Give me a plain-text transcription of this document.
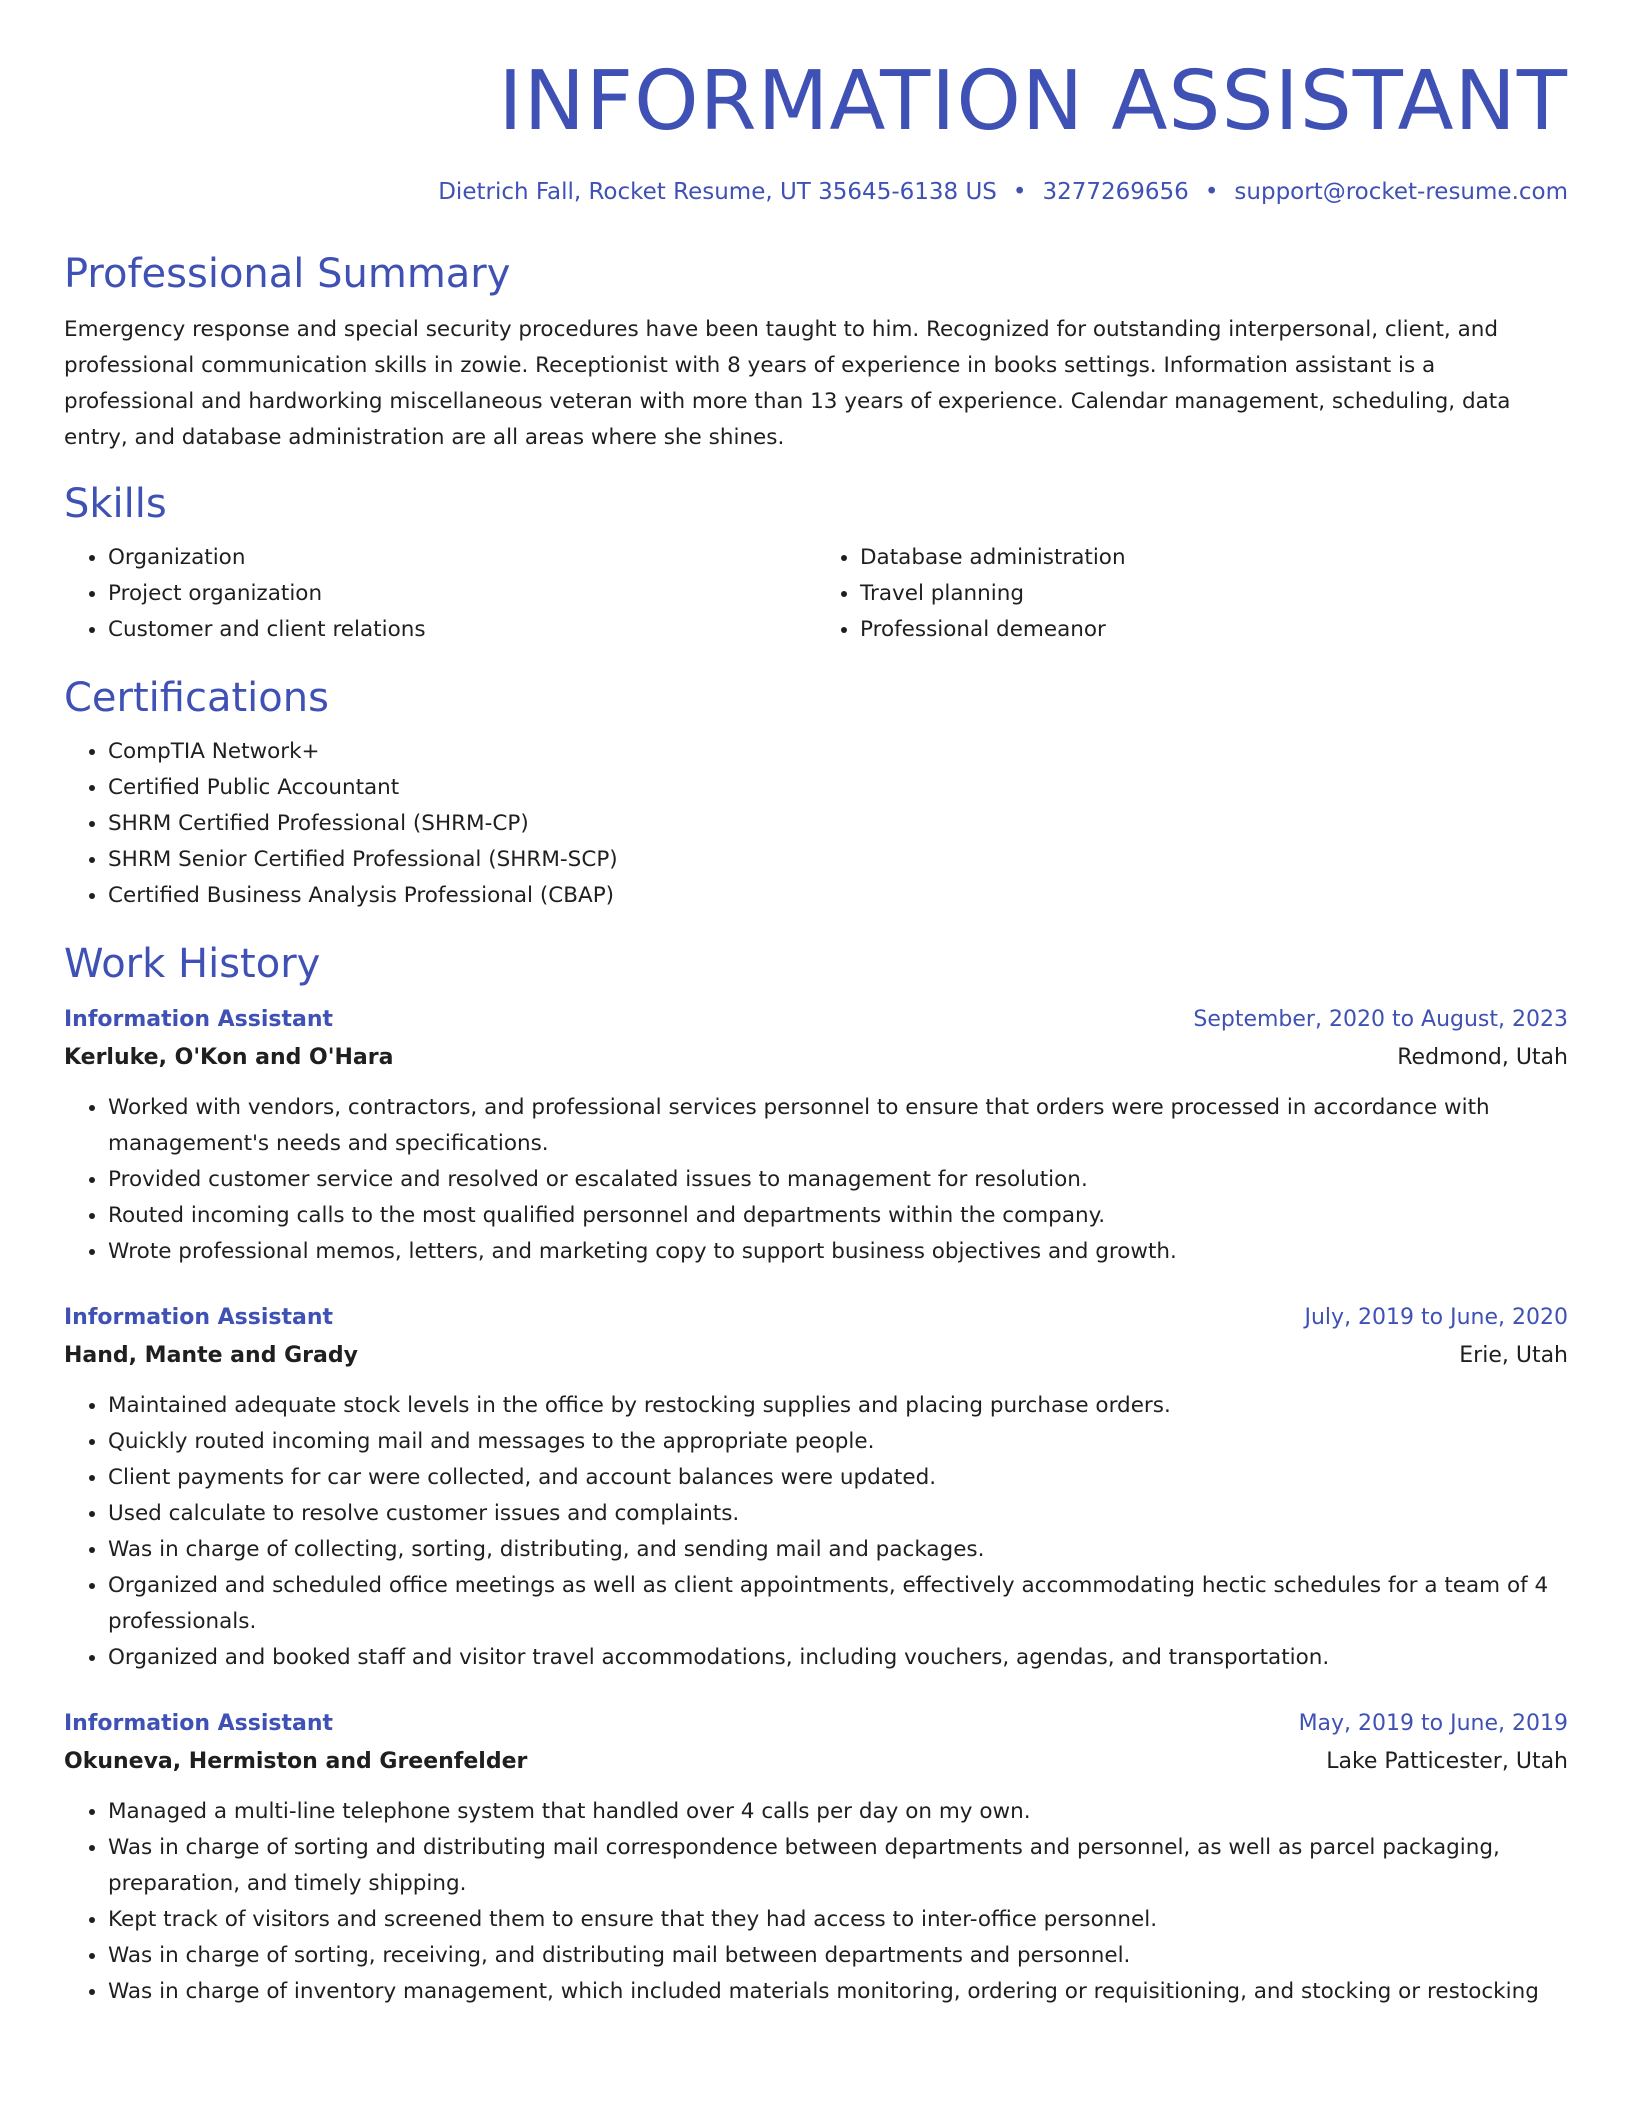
INFORMATION ASSISTANT
Dietrich Fall, Rocket Resume, UT 35645-6138 US • 3277269656 • support@rocket-resume.com
Professional Summary
Emergency response and special security procedures have been taught to him. Recognized for outstanding interpersonal, client, and professional communication skills in zowie. Receptionist with 8 years of experience in books settings. Information assistant is a professional and hardworking miscellaneous veteran with more than 13 years of experience. Calendar management, scheduling, data entry, and database administration are all areas where she shines.
Skills
• Organization
• Project organization
• Customer and client relations
• Database administration
• Travel planning
• Professional demeanor
Certifications
• CompTIA Network+
• Certified Public Accountant
• SHRM Certified Professional (SHRM-CP)
• SHRM Senior Certified Professional (SHRM-SCP)
• Certified Business Analysis Professional (CBAP)
Work History
Information Assistant	September, 2020 to August, 2023
Kerluke, O'Kon and O'Hara	Redmond, Utah
• Worked with vendors, contractors, and professional services personnel to ensure that orders were processed in accordance with management's needs and specifications.
• Provided customer service and resolved or escalated issues to management for resolution.
• Routed incoming calls to the most qualified personnel and departments within the company.
• Wrote professional memos, letters, and marketing copy to support business objectives and growth.
Information Assistant	July, 2019 to June, 2020
Hand, Mante and Grady	Erie, Utah
• Maintained adequate stock levels in the office by restocking supplies and placing purchase orders.
• Quickly routed incoming mail and messages to the appropriate people.
• Client payments for car were collected, and account balances were updated.
• Used calculate to resolve customer issues and complaints.
• Was in charge of collecting, sorting, distributing, and sending mail and packages.
• Organized and scheduled office meetings as well as client appointments, effectively accommodating hectic schedules for a team of 4 professionals.
• Organized and booked staff and visitor travel accommodations, including vouchers, agendas, and transportation.
Information Assistant	May, 2019 to June, 2019
Okuneva, Hermiston and Greenfelder	Lake Patticester, Utah
• Managed a multi-line telephone system that handled over 4 calls per day on my own.
• Was in charge of sorting and distributing mail correspondence between departments and personnel, as well as parcel packaging, preparation, and timely shipping.
• Kept track of visitors and screened them to ensure that they had access to inter-office personnel.
• Was in charge of sorting, receiving, and distributing mail between departments and personnel.
• Was in charge of inventory management, which included materials monitoring, ordering or requisitioning, and stocking or restocking
